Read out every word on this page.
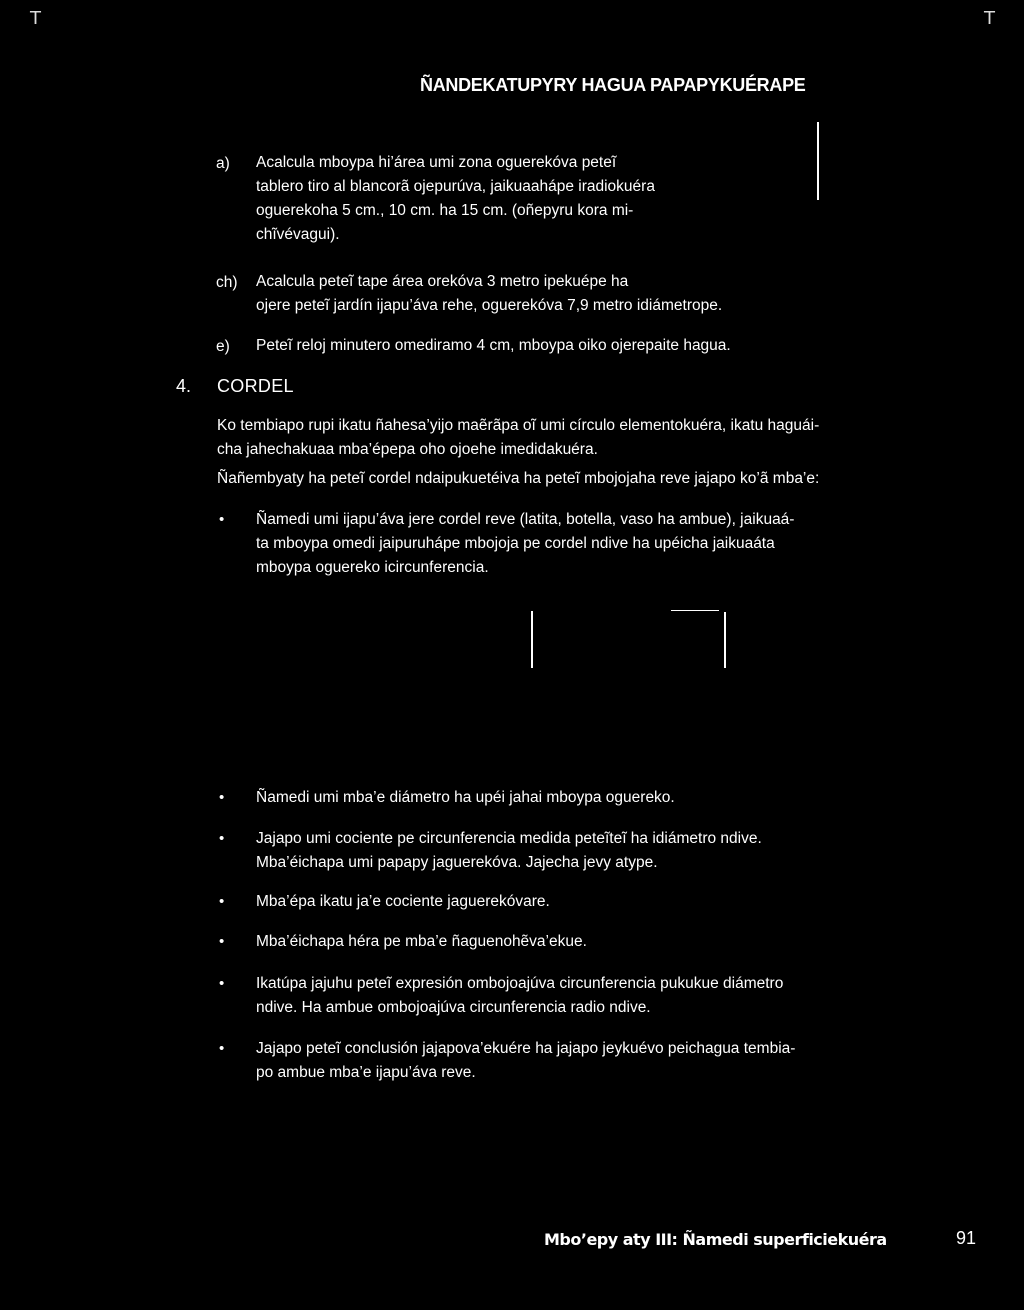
T	T
ÑANDEKATUPYRY HAGUA PAPAPYKUÉRAPE
a) Acalcula mboypa hi’área umi zona oguerekóva peteĩ
tablero tiro al blancorã ojepurúva, jaikuaahápe iradiokuéra
oguerekoha 5 cm., 10 cm. ha 15 cm. (oñepyru kora mi-
chĩvévagui).
ch) Acalcula peteĩ tape área orekóva 3 metro ipekuépe ha
ojere peteĩ jardín ijapu’áva rehe, oguerekóva 7,9 metro idiámetrope.
e) Peteĩ reloj minutero omediramo 4 cm, mboypa oiko ojerepaite hagua.
4. CORDEL
Ko tembiapo rupi ikatu ñahesa’yijo maẽrãpa oĩ umi círculo elementokuéra, ikatu haguái-
cha jahechakuaa mba’épepa oho ojoehe imedidakuéra.
Ñañembyaty ha peteĩ cordel ndaipukuetéiva ha peteĩ mbojojaha reve jajapo ko’ã mba’e:
• Ñamedi umi ijapu’áva jere cordel reve (latita, botella, vaso ha ambue), jaikuaá-
ta mboypa omedi jaipuruhápe mbojoja pe cordel ndive ha upéicha jaikuaáta
mboypa oguereko icircunferencia.
• Ñamedi umi mba’e diámetro ha upéi jahai mboypa oguereko.
• Jajapo umi cociente pe circunferencia medida peteĩteĩ ha idiámetro ndive.
Mba’éichapa umi papapy jaguerekóva. Jajecha jevy atype.
• Mba’épa ikatu ja’e cociente jaguerekóvare.
• Mba’éichapa héra pe mba’e ñaguenohẽva’ekue.
• Ikatúpa jajuhu peteĩ expresión ombojoajúva circunferencia pukukue diámetro
ndive. Ha ambue ombojoajúva circunferencia radio ndive.
• Jajapo peteĩ conclusión jajapova’ekuére ha jajapo jeykuévo peichagua tembia-
po ambue mba’e ijapu’áva reve.
Mbo’epy aty III: Ñamedi superficiekuéra	91
